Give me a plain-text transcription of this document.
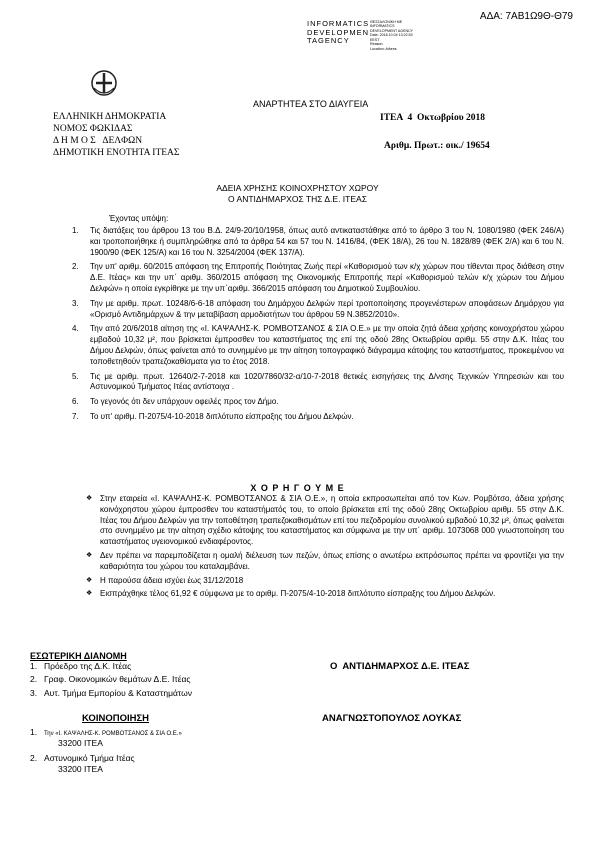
ΑΔΑ: 7ΑΒ1Ω9Θ-Θ79
INFORMATICS
DEVELOPMEN
TAGENCY
ΘΕΣΣΑΛΟΝΙΚΗ ΜΕ
INFORMATICS
DEVELOPMENT AGENCY
Date: 2018.10.04 13:22:53
EEST
Reason:
Location: Athens
ΑΝΑΡΤΗΤΕΑ ΣΤΟ ΔΙΑΥΓΕΙΑ
ΕΛΛΗΝΙΚΗ ΔΗΜΟΚΡΑΤΙΑ
ΝΟΜΟΣ ΦΩΚΙΔΑΣ
Δ Η Μ Ο Σ   ΔΕΛΦΩΝ
ΔΗΜΟΤΙΚΗ ΕΝΟΤΗΤΑ ΙΤΕΑΣ
ΙΤΕΑ  4  Οκτωβρίου 2018
Αριθμ. Πρωτ.: οικ./ 19654
ΑΔΕΙΑ ΧΡΗΣΗΣ ΚΟΙΝΟΧΡΗΣΤΟΥ ΧΩΡΟΥ
Ο ΑΝΤΙΔΗΜΑΡΧΟΣ ΤΗΣ Δ.Ε. ΙΤΕΑΣ
Έχοντας υπόψη:
1. Τις διατάξεις του άρθρου 13 του Β.Δ. 24/9-20/10/1958, όπως αυτό αντικαταστάθηκε από το άρθρο 3 του Ν. 1080/1980 (ΦΕΚ 246/Α) και τροποποιήθηκε ή συμπληρώθηκε από τα άρθρα 54 και 57 του Ν. 1416/84, (ΦΕΚ 18/Α), 26 του Ν. 1828/89 (ΦΕΚ 2/Α) και 6 του Ν. 1900/90 (ΦΕΚ 125/Α) και 16 του Ν. 3254/2004 (ΦΕΚ 137/Α).
2. Την υπ' αριθμ. 60/2015 απόφαση της Επιτροπής Ποιότητας Ζωής περί «Καθορισμού των κ/χ χώρων που τίθενται προς διάθεση στην Δ.Ε. Ιτέας» και την υπ΄ αριθμ. 360/2015 απόφαση της Οικονομικής Επιτροπής περί «Καθορισμού τελών κ/χ χώρων του Δήμου Δελφών» η οποία εγκρίθηκε με την υπ΄αριθμ. 366/2015 απόφαση του Δημοτικού Συμβουλίου.
3. Την με αριθμ. πρωτ. 10248/6-6-18 απόφαση του Δημάρχου Δελφών περί τροποποίησης προγενέστερων αποφάσεων Δημάρχου για «Ορισμό Αντιδημάρχων & την μεταβίβαση αρμοδιοτήτων του άρθρου 59 Ν.3852/2010».
4. Την από 20/6/2018 αίτηση της «Ι. ΚΑΨΑΛΗΣ-Κ. ΡΟΜΒΟΤΣΑΝΟΣ & ΣΙΑ Ο.Ε.» με την οποία ζητά άδεια χρήσης κοινοχρήστου χώρου εμβαδού 10,32 μ², που βρίσκεται έμπροσθεν του καταστήματος της επί της οδού 28ης Οκτωβρίου αριθμ. 55 στην Δ.Κ. Ιτέας του Δήμου Δελφών, όπως φαίνεται από το συνημμένο με την αίτηση τοπογραφικό διάγραμμα κάτοψης του καταστήματος, προκειμένου να τοποθετηθούν τραπεζοκαθίσματα για το έτος 2018.
5. Τις με αριθμ. πρωτ. 12640/2-7-2018 και 1020/7860/32-α/10-7-2018 θετικές εισηγήσεις της Δ/νσης Τεχνικών Υπηρεσιών και του Αστυνομικού Τμήματος Ιτέας αντίστοιχα .
6. Το γεγονός ότι δεν υπάρχουν οφειλές προς τον Δήμο.
7. Το υπ' αριθμ. Π-2075/4-10-2018 διπλότυπο είσπραξης του Δήμου Δελφών.
Χ Ο Ρ Η Γ Ο Υ Μ Ε
❖ Στην εταιρεία «Ι. ΚΑΨΑΛΗΣ-Κ. ΡΟΜΒΟΤΣΑΝΟΣ & ΣΙΑ Ο.Ε.», η οποία εκπροσωπείται από τον Κων. Ρομβότσο, άδεια χρήσης κοινόχρηστου χώρου έμπροσθεν του καταστήματός του, το οποίο βρίσκεται επί της οδού 28ης Οκτωβρίου αριθμ. 55 στην Δ.Κ. Ιτέας του Δήμου Δελφών για την τοποθέτηση τραπεζοκαθισμάτων επί του πεζοδρομίου συνολικού εμβαδού 10,32 μ², όπως φαίνεται στο συνημμένο με την αίτηση σχέδιο κάτοψης του καταστήματος και σύμφωνα με την υπ΄ αριθμ. 1073068 000 γνωστοποίηση του καταστήματος υγειονομικού ενδιαφέροντος.
❖ Δεν πρέπει να παρεμποδίζεται η ομαλή διέλευση των πεζών, όπως επίσης ο ανωτέρω εκπρόσωπος πρέπει να φροντίζει για την καθαριότητα του χώρου του καταλαμβάνει.
❖ Η παρούσα άδεια ισχύει έως 31/12/2018
❖ Εισπράχθηκε τέλος 61,92 € σύμφωνα με το αριθμ. Π-2075/4-10-2018 διπλότυπο είσπραξης του Δήμου Δελφών.
ΕΣΩΤΕΡΙΚΗ ΔΙΑΝΟΜΗ
1. Πρόεδρο της Δ.Κ. Ιτέας
2. Γραφ. Οικονομικών θεμάτων Δ.Ε. Ιτέας
3. Αυτ. Τμήμα Εμπορίου & Καταστημάτων
Ο  ΑΝΤΙΔΗΜΑΡΧΟΣ Δ.Ε. ΙΤΕΑΣ
ΚΟΙΝΟΠΟΙΗΣΗ	ΑΝΑΓΝΩΣΤΟΠΟΥΛΟΣ ΛΟΥΚΑΣ
1. Την «Ι. ΚΑΨΑΛΗΣ-Κ. ΡΟΜΒΟΤΣΑΝΟΣ & ΣΙΑ Ο.Ε.»
33200 ΙΤΕΑ
2. Αστυνομικό Τμήμα Ιτέας
33200 ΙΤΕΑ
